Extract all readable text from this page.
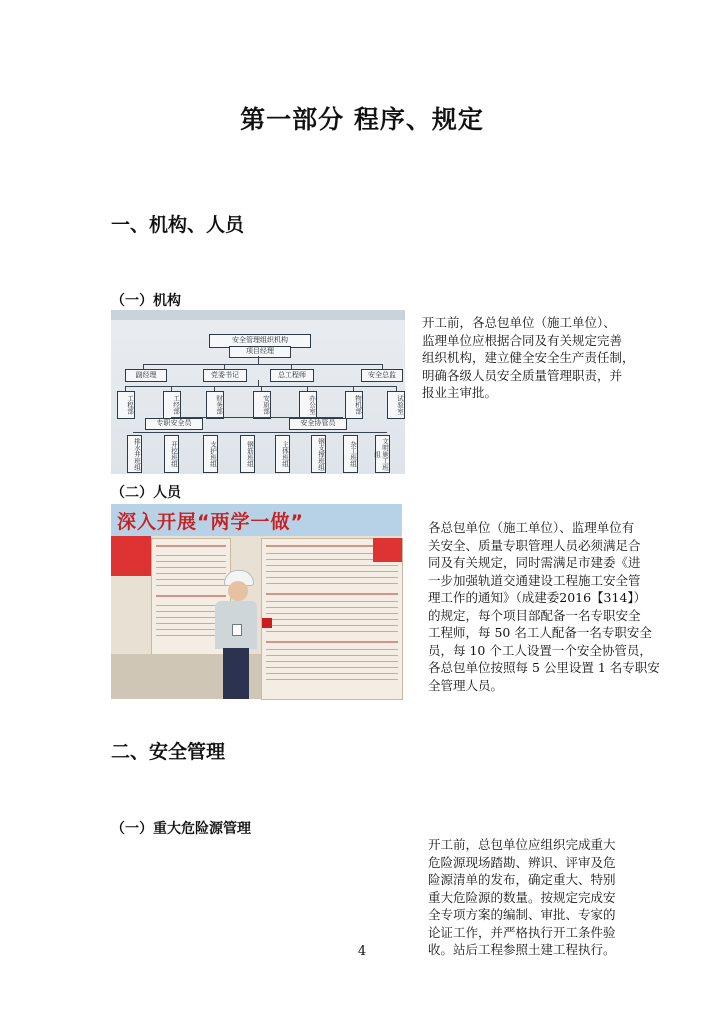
第一部分 程序、规定
一、机构、人员
（一）机构
安全管理组织机构
项目经理
副经理	党委书记	总工程师	安全总监
工程部	工经部	财务部	安质部	办公室	物机部	试验室
专职安全员	安全协管员
排水井班组	开挖班组	支护班组	钢筋班组	主体班组	钢支撑班组	杂工班组	文明施工班组
开工前，各总包单位（施工单位）、
监理单位应根据合同及有关规定完善
组织机构，建立健全安全生产责任制，
明确各级人员安全质量管理职责，并
报业主审批。
（二）人员
深入开展“两学一做”	各总包单位（施工单位）、监理单位有
关安全、质量专职管理人员必须满足合
同及有关规定，同时需满足市建委《进
一步加强轨道交通建设工程施工安全管
理工作的通知》（成建委2016【314】）
的规定，每个项目部配备一名专职安全
工程师，每 50 名工人配备一名专职安全
员，每 10 个工人设置一个安全协管员，
各总包单位按照每 5 公里设置 1 名专职安
全管理人员。
二、安全管理
（一）重大危险源管理
开工前，总包单位应组织完成重大
危险源现场踏勘、辨识、评审及危
险源清单的发布，确定重大、特别
重大危险源的数量。按规定完成安
全专项方案的编制、审批、专家的
论证工作，并严格执行开工条件验
收。站后工程参照土建工程执行。
4
